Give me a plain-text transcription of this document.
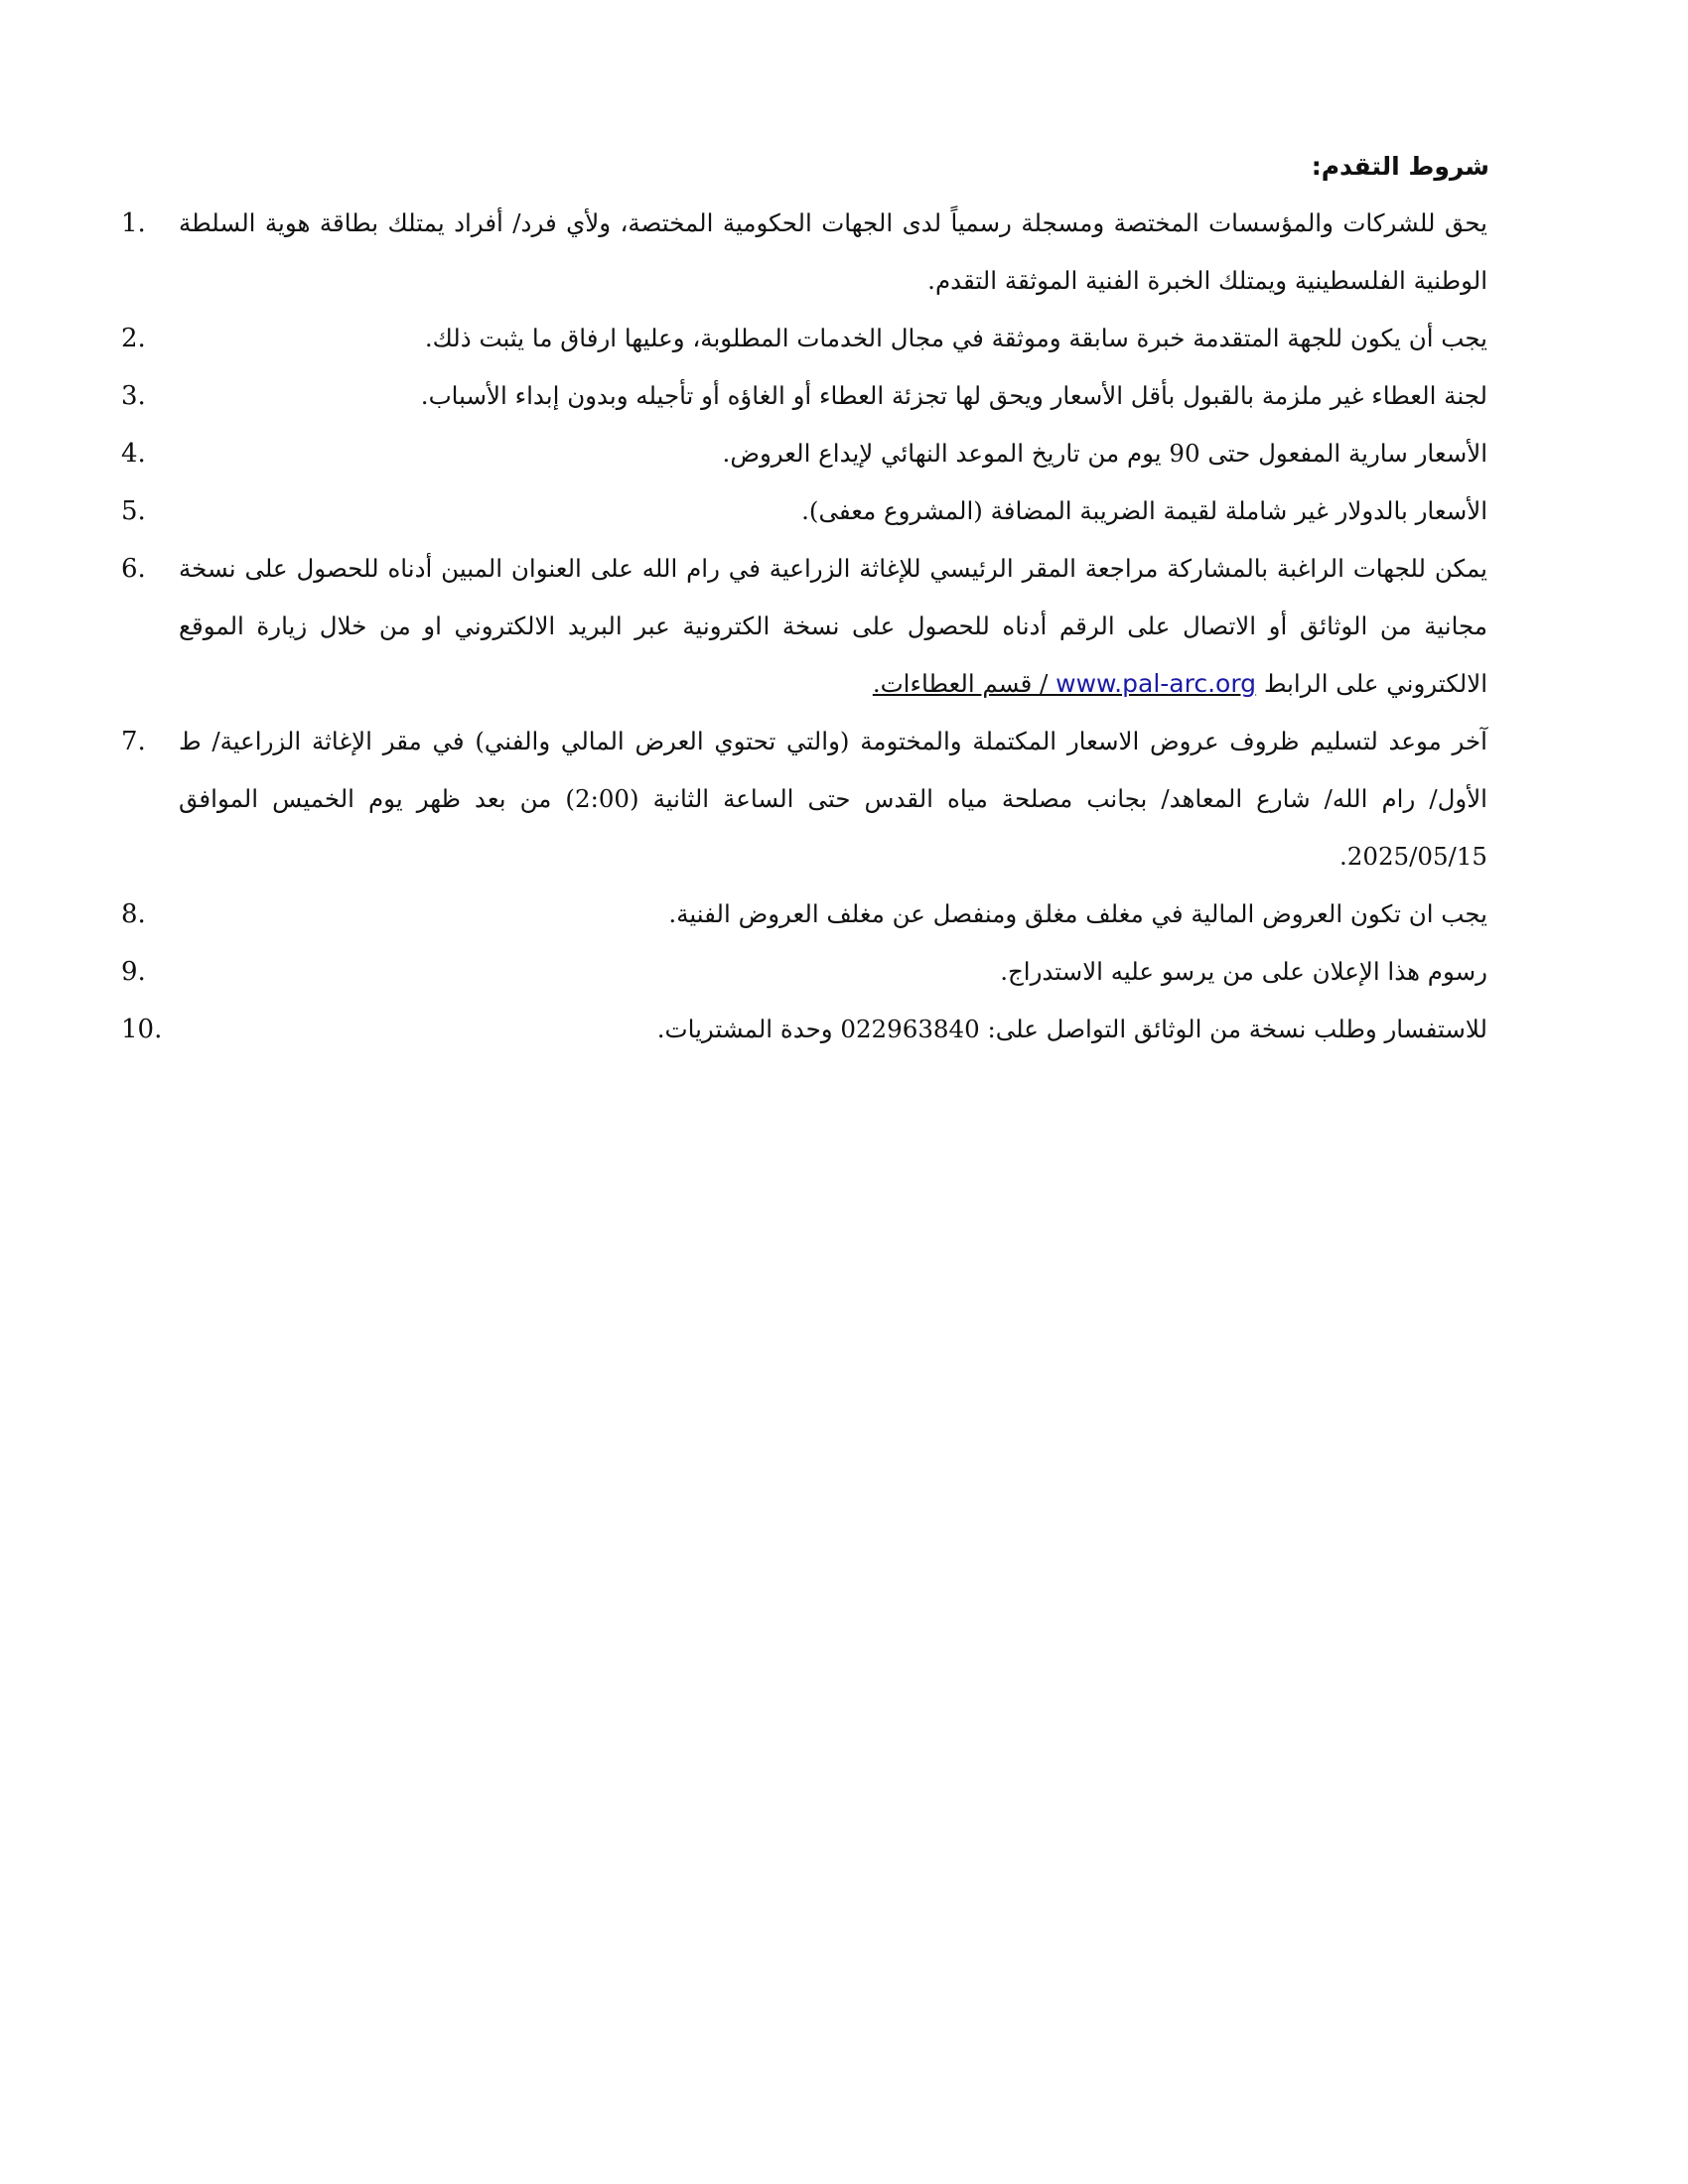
شروط التقدم:
يحق للشركات والمؤسسات المختصة ومسجلة رسمياً لدى الجهات الحكومية المختصة، ولأي فرد/ أفراد يمتلك بطاقة هوية السلطة الوطنية الفلسطينية ويمتلك الخبرة الفنية الموثقة التقدم.
1.
يجب أن يكون للجهة المتقدمة خبرة سابقة وموثقة في مجال الخدمات المطلوبة، وعليها ارفاق ما يثبت ذلك.
2.
لجنة العطاء غير ملزمة بالقبول بأقل الأسعار ويحق لها تجزئة العطاء أو الغاؤه أو تأجيله وبدون إبداء الأسباب.
3.
الأسعار سارية المفعول حتى 90 يوم من تاريخ الموعد النهائي لإيداع العروض.
4.
الأسعار بالدولار غير شاملة لقيمة الضريبة المضافة (المشروع معفى).
5.
يمكن للجهات الراغبة بالمشاركة مراجعة المقر الرئيسي للإغاثة الزراعية في رام الله على العنوان المبين أدناه للحصول على نسخة مجانية من الوثائق أو الاتصال على الرقم أدناه للحصول على نسخة الكترونية عبر البريد الالكتروني او من خلال زيارة الموقع الالكتروني على الرابط www.pal-arc.org / قسم العطاءات.
6.
آخر موعد لتسليم ظروف عروض الاسعار المكتملة والمختومة (والتي تحتوي العرض المالي والفني) في مقر الإغاثة الزراعية/ ط الأول/ رام الله/ شارع المعاهد/ بجانب مصلحة مياه القدس حتى الساعة الثانية (2:00) من بعد ظهر يوم الخميس الموافق 2025/05/15.
7.
يجب ان تكون العروض المالية في مغلف مغلق ومنفصل عن مغلف العروض الفنية.
8.
رسوم هذا الإعلان على من يرسو عليه الاستدراج.
9.
للاستفسار وطلب نسخة من الوثائق التواصل على: 022963840 وحدة المشتريات.
10.
